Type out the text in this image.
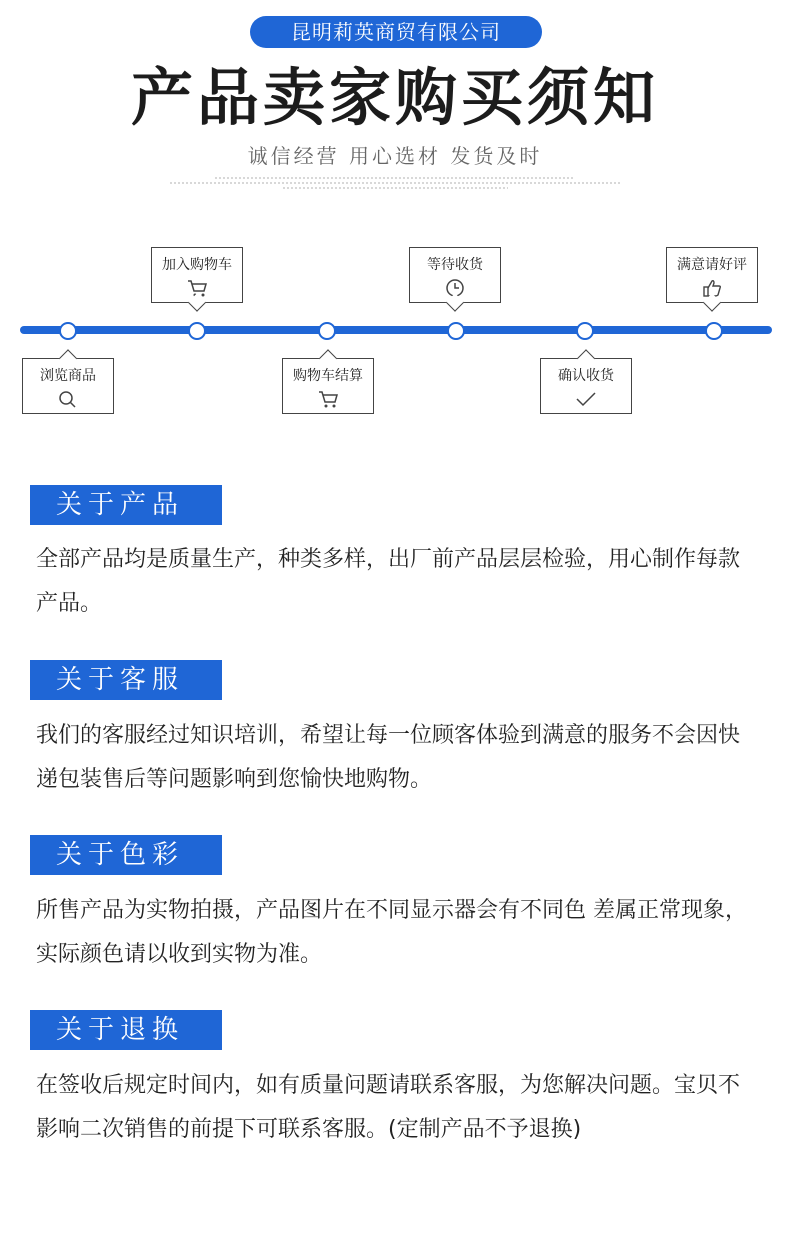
昆明莉英商贸有限公司
产品卖家购买须知
诚信经营 用心选材 发货及时
浏览商品	购物车结算	确认收货
加入购物车	等待收货	满意请好评
关于产品
全部产品均是质量生产，种类多样，出厂前产品层层检验，用心制作每款产品。
关于客服
我们的客服经过知识培训，希望让每一位顾客体验到满意的服务不会因快递包装售后等问题影响到您愉快地购物。
关于色彩
所售产品为实物拍摄，产品图片在不同显示器会有不同色 差属正常现象，实际颜色请以收到实物为准。
关于退换
在签收后规定时间内，如有质量问题请联系客服，为您解决问题。宝贝不影响二次销售的前提下可联系客服。(定制产品不予退换)
